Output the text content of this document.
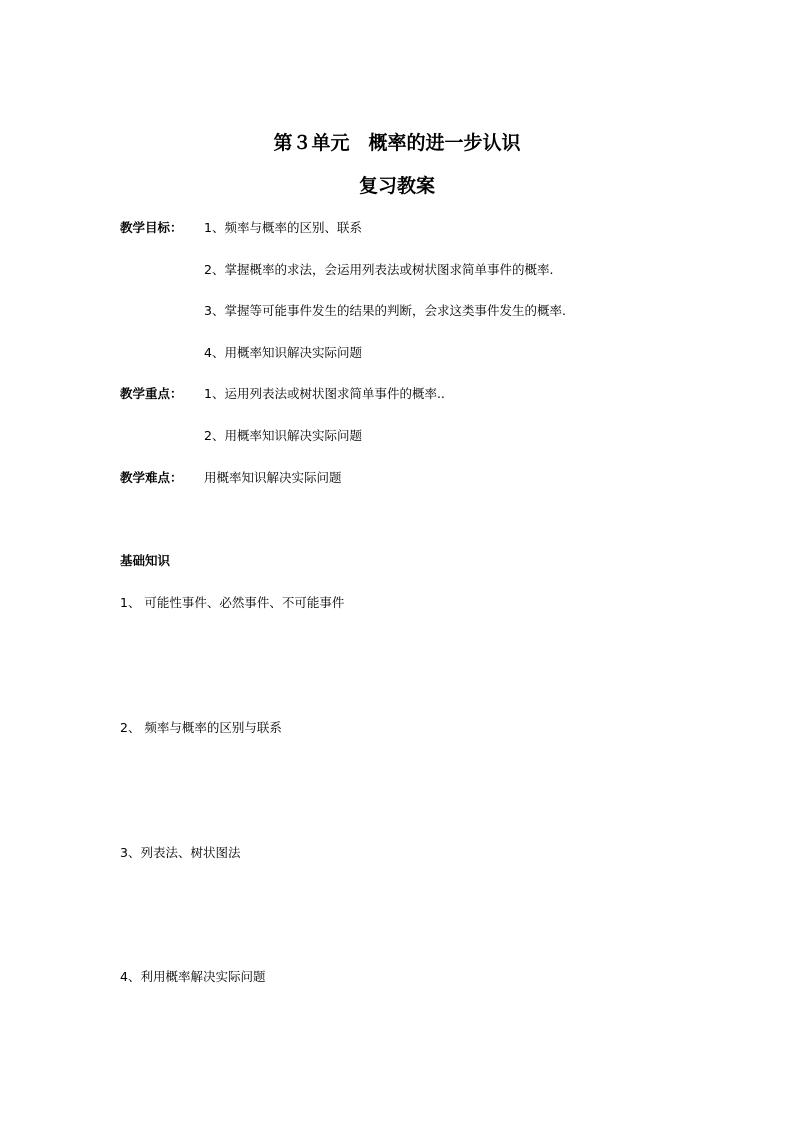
第３单元　概率的进一步认识
复习教案
教学目标： 1、频率与概率的区别、联系
2、掌握概率的求法，会运用列表法或树状图求简单事件的概率.
3、掌握等可能事件发生的结果的判断，会求这类事件发生的概率.
4、用概率知识解决实际问题
教学重点： 1、运用列表法或树状图求简单事件的概率..
2、用概率知识解决实际问题
教学难点： 用概率知识解决实际问题
基础知识
1、 可能性事件、必然事件、不可能事件
2、 频率与概率的区别与联系
3、列表法、树状图法
4、利用概率解决实际问题
